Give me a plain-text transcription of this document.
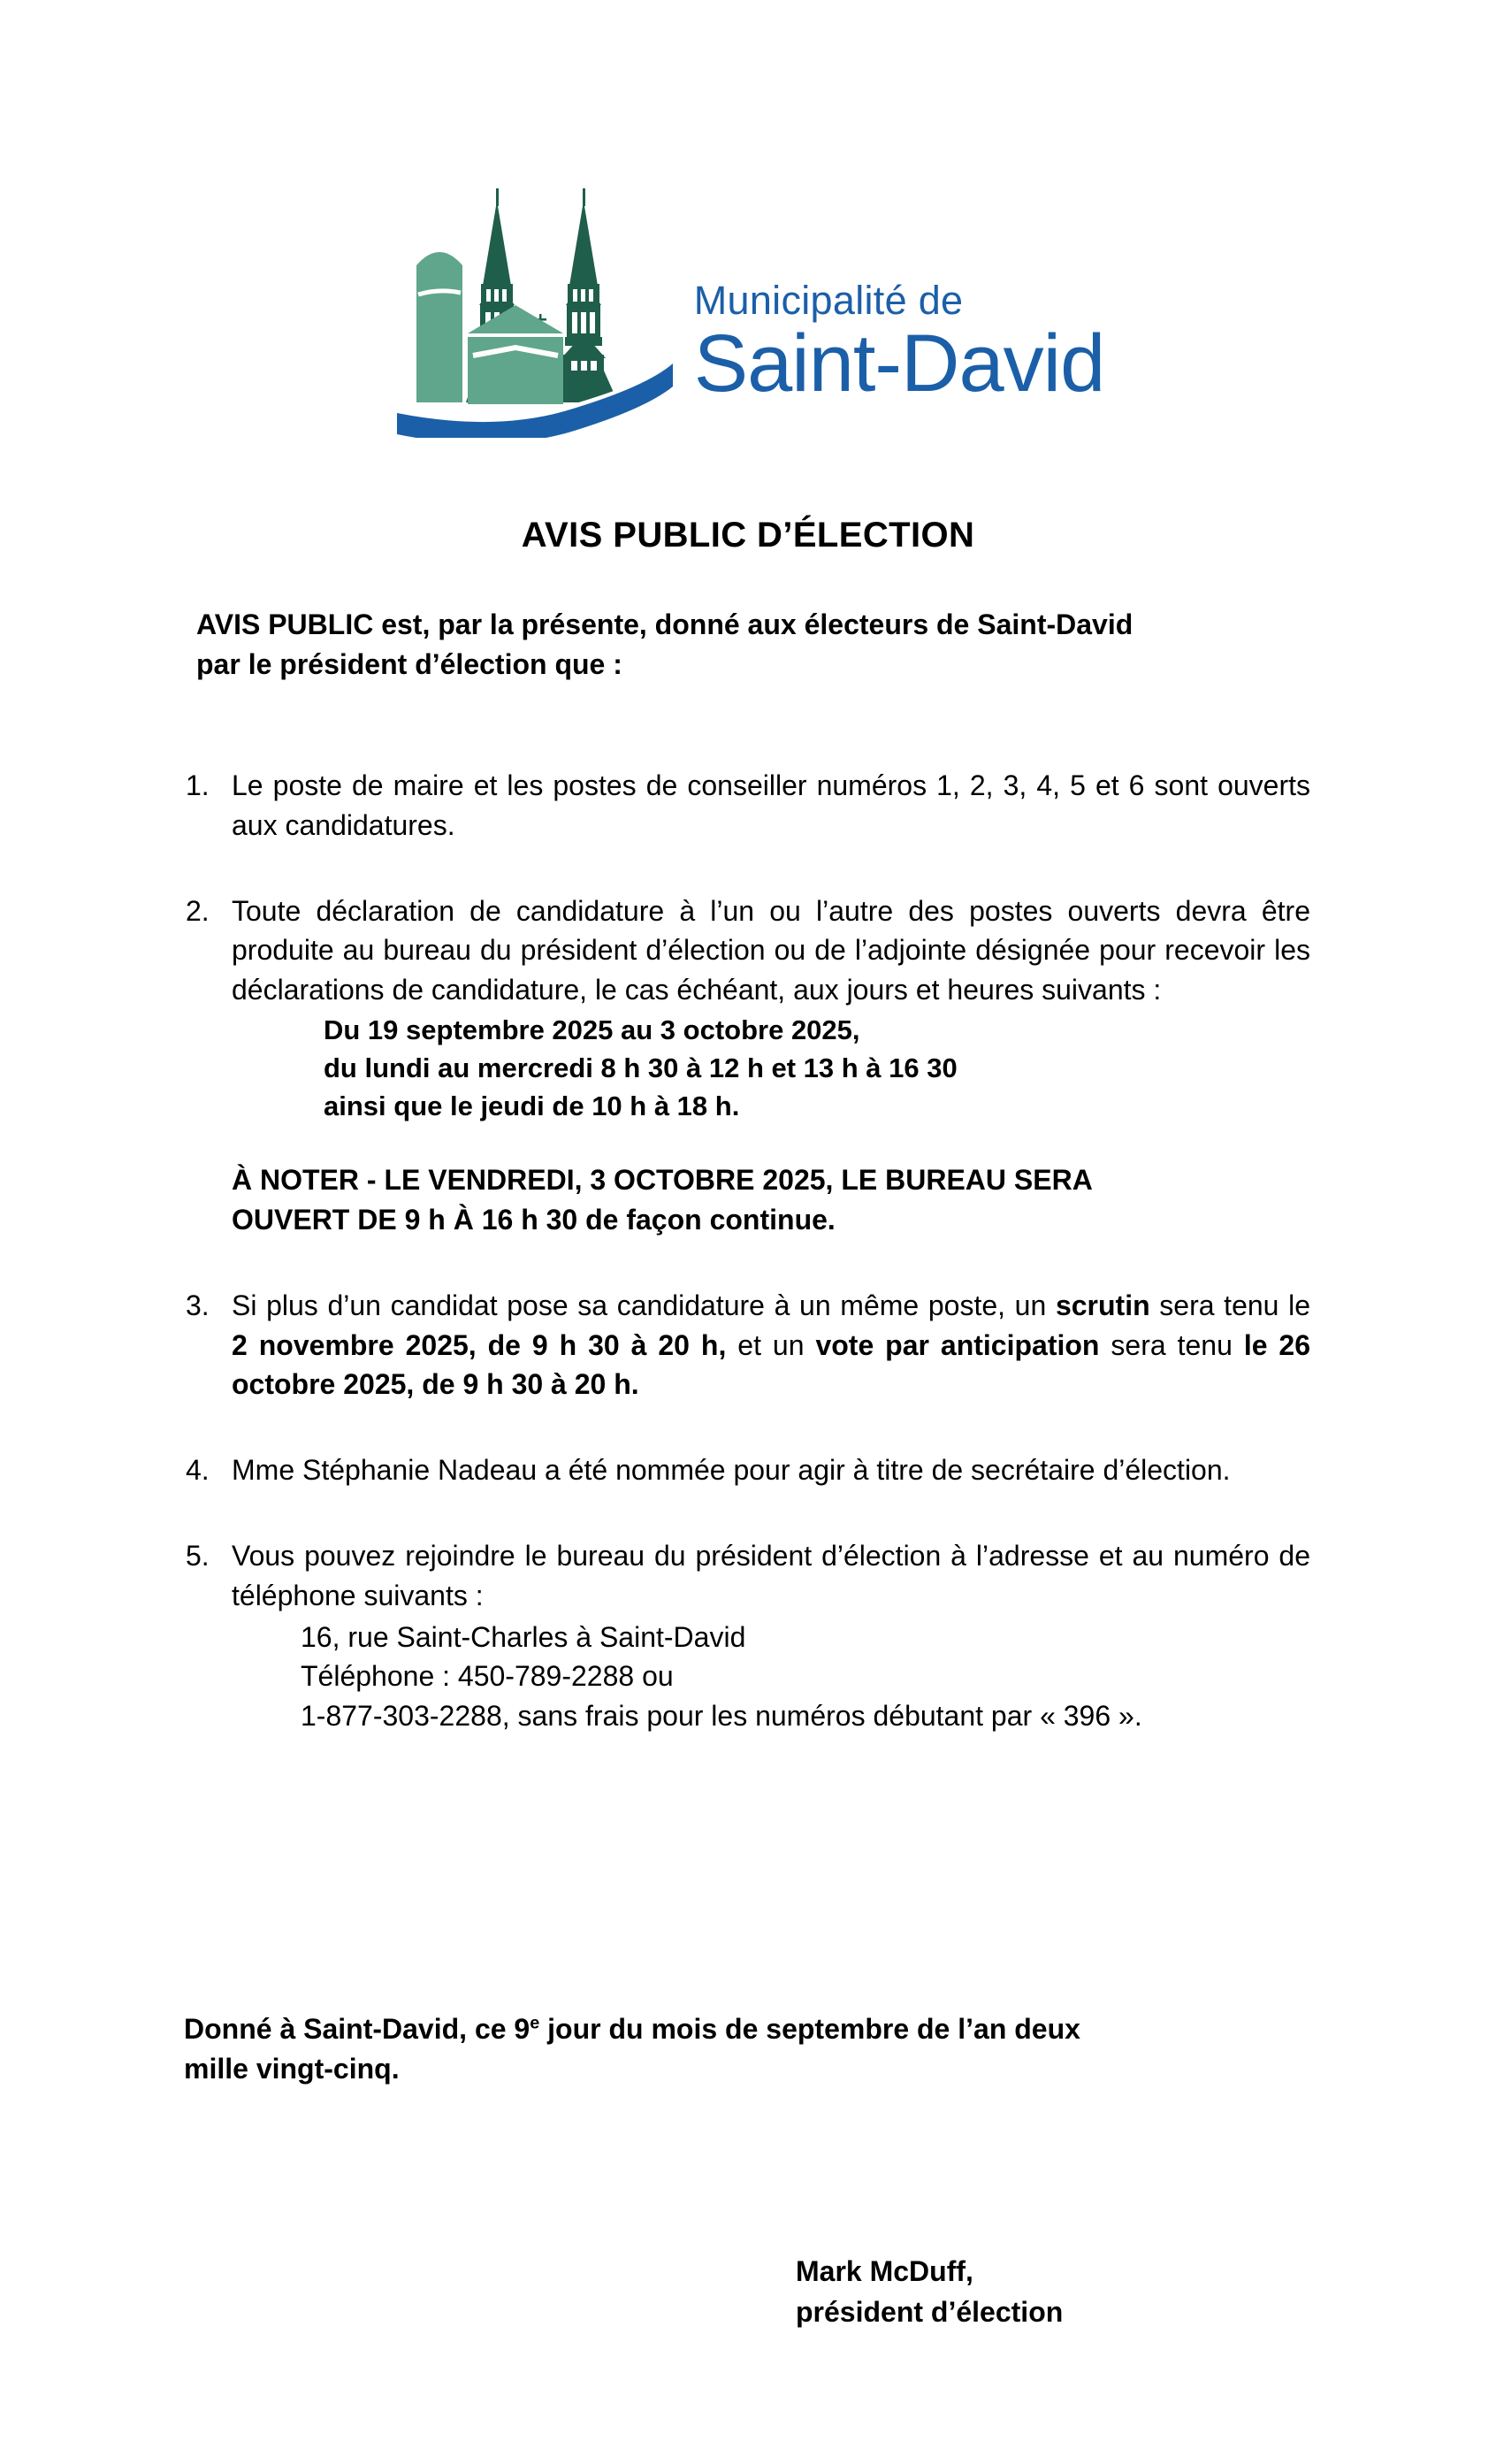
Municipalité de
Saint-David
AVIS PUBLIC D’ÉLECTION
AVIS PUBLIC est, par la présente, donné aux électeurs de Saint-David
par le président d’élection que :
1. Le poste de maire et les postes de conseiller numéros 1, 2, 3, 4, 5 et 6 sont ouverts aux candidatures.
2. Toute déclaration de candidature à l’un ou l’autre des postes ouverts devra être produite au bureau du président d’élection ou de l’adjointe désignée pour recevoir les déclarations de candidature, le cas échéant, aux jours et heures suivants :
Du 19 septembre 2025 au 3 octobre 2025,
du lundi au mercredi 8 h 30 à 12 h et 13 h à 16 30
ainsi que le jeudi de 10 h à 18 h.
À NOTER - LE VENDREDI, 3 OCTOBRE 2025, LE BUREAU SERA
OUVERT DE 9 h À 16 h 30 de façon continue.
3. Si plus d’un candidat pose sa candidature à un même poste, un scrutin sera tenu le 2 novembre 2025, de 9 h 30 à 20 h, et un vote par anticipation sera tenu le 26 octobre 2025, de 9 h 30 à 20 h.
4. Mme Stéphanie Nadeau a été nommée pour agir à titre de secrétaire d’élection.
5. Vous pouvez rejoindre le bureau du président d’élection à l’adresse et au numéro de téléphone suivants :
16, rue Saint-Charles à Saint-David
Téléphone : 450-789-2288 ou
1-877-303-2288, sans frais pour les numéros débutant par « 396 ».
Donné à Saint-David, ce 9e jour du mois de septembre de l’an deux
mille vingt-cinq.
Mark McDuff,
président d’élection
